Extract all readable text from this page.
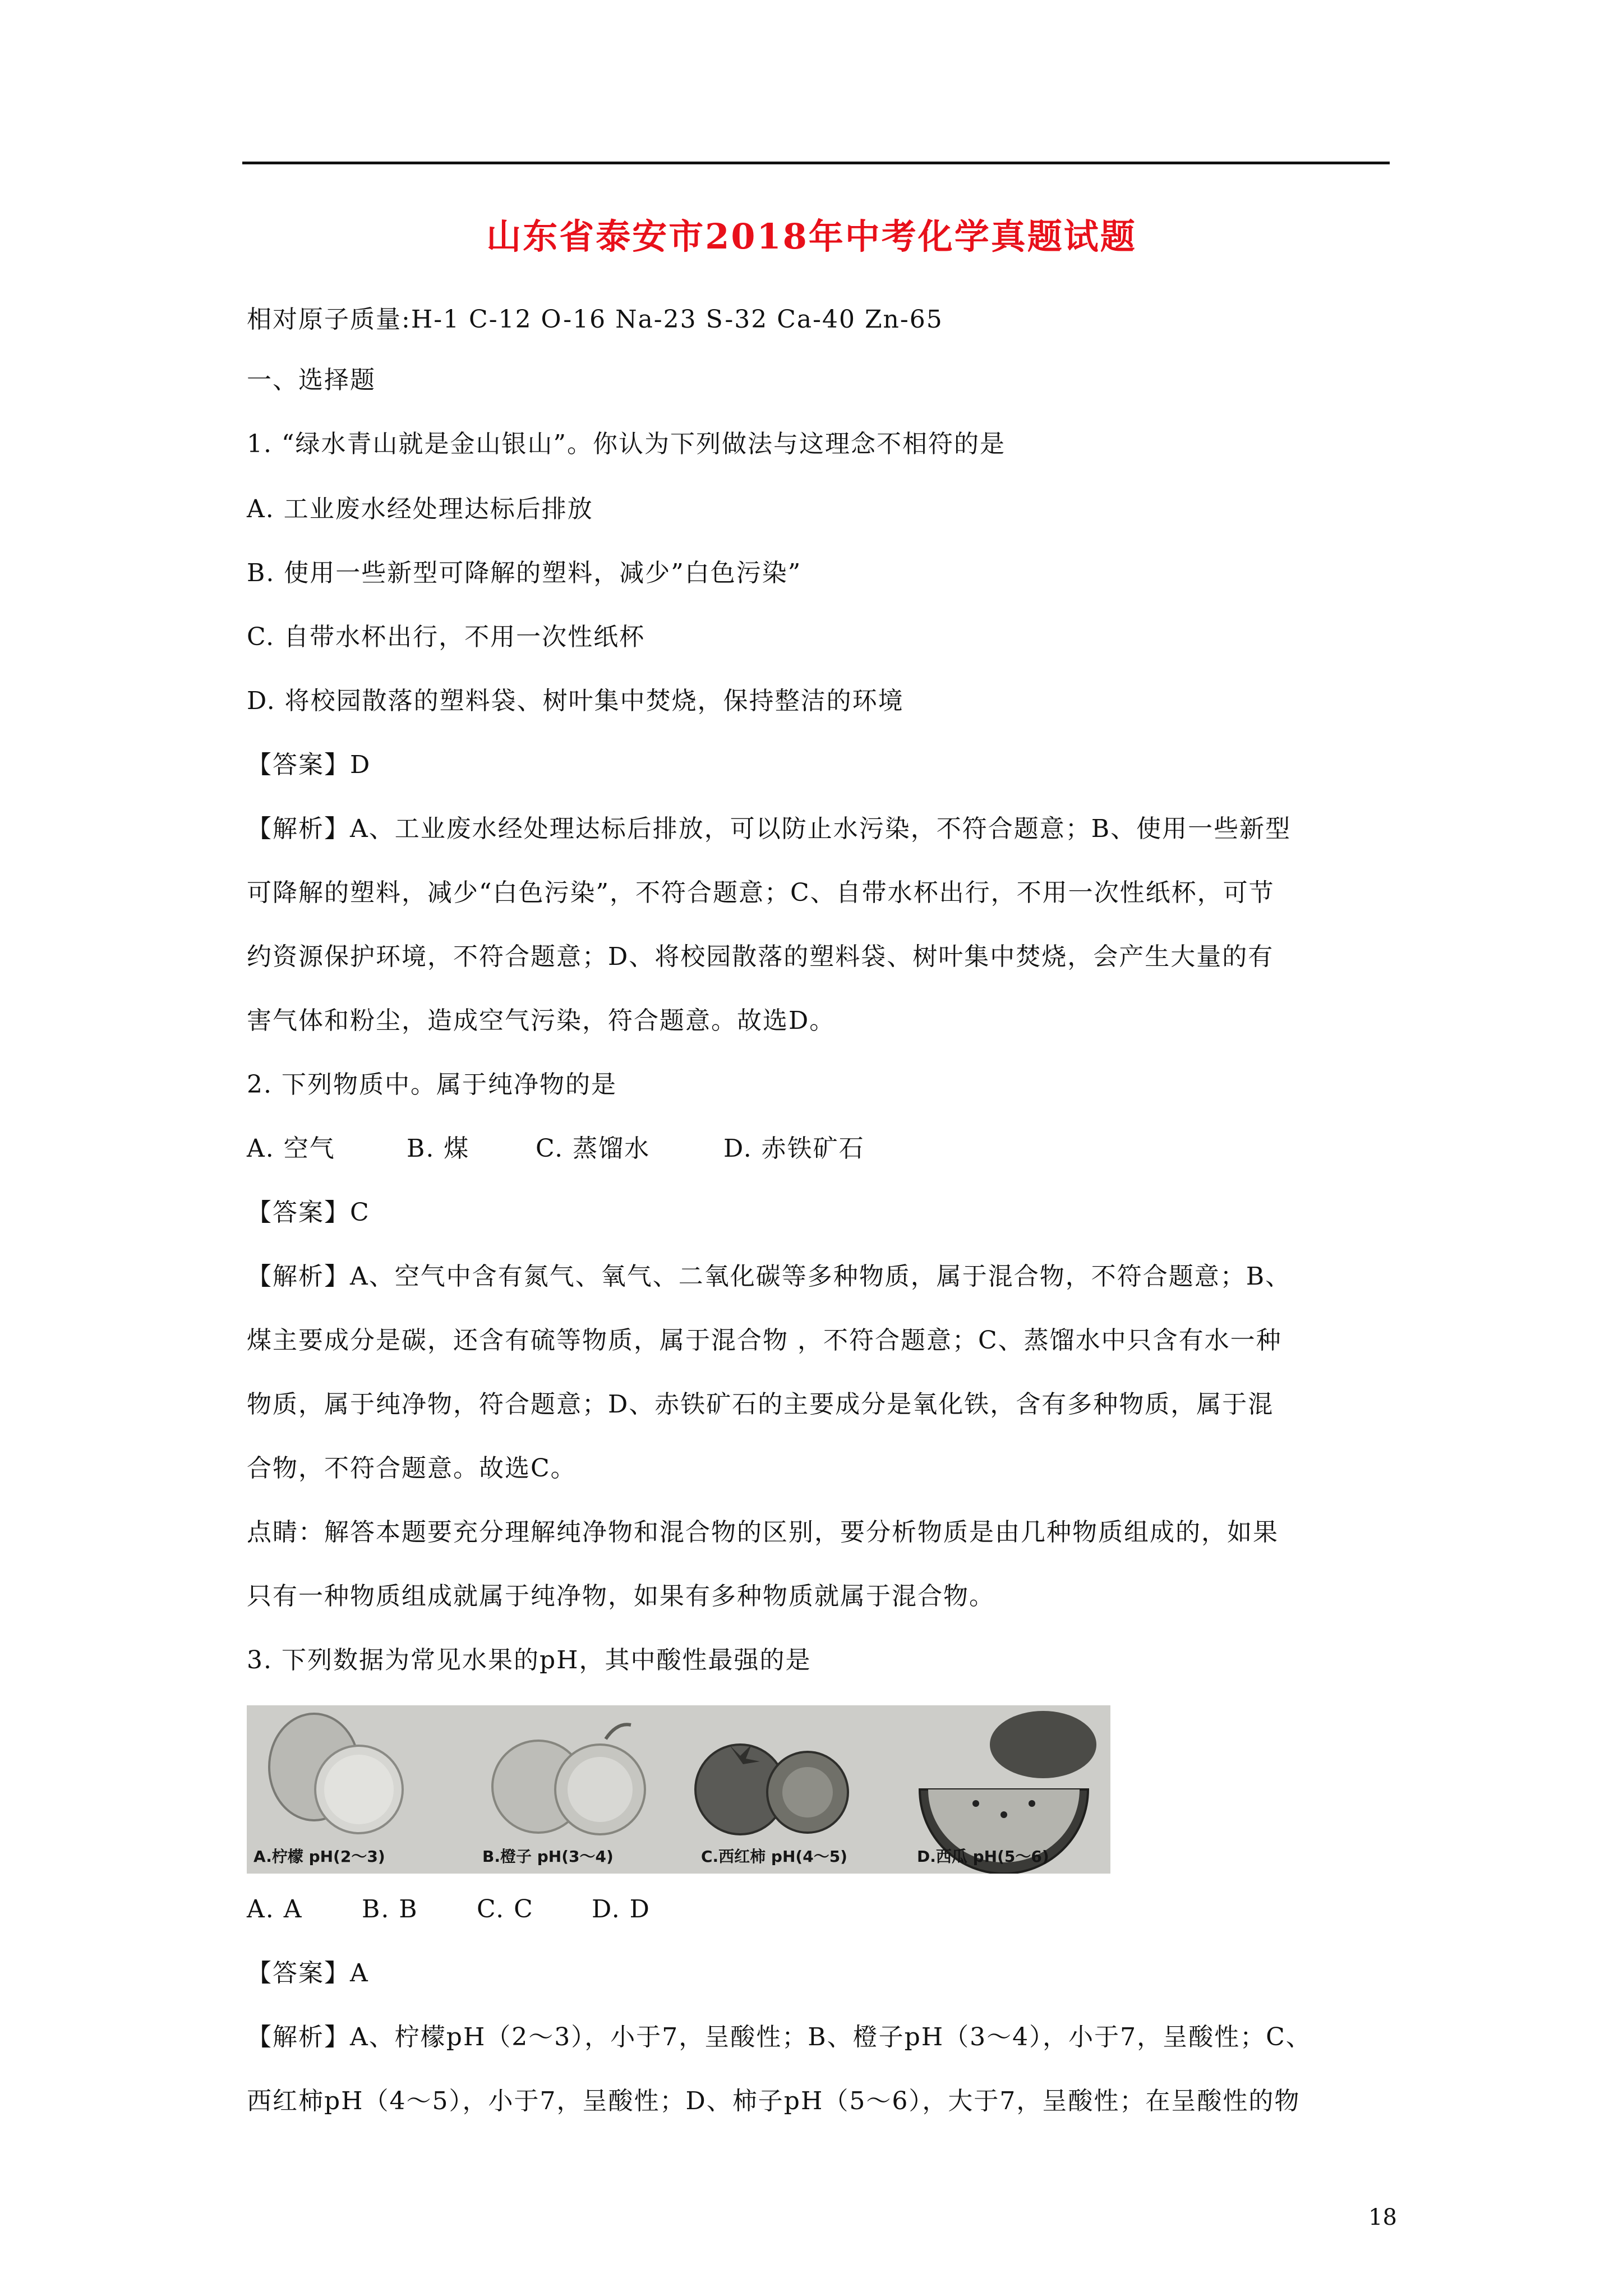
山东省泰安市2018年中考化学真题试题
相对原子质量:H-1 C-12 O-16 Na-23 S-32 Ca-40 Zn-65
一、选择题
1. “绿水青山就是金山银山”。你认为下列做法与这理念不相符的是
A. 工业废水经处理达标后排放
B. 使用一些新型可降解的塑料，减少”白色污染”
C. 自带水杯出行，不用一次性纸杯
D. 将校园散落的塑料袋、树叶集中焚烧，保持整洁的环境
【答案】D
【解析】A、工业废水经处理达标后排放，可以防止水污染，不符合题意；B、使用一些新型
可降解的塑料，减少“白色污染”，不符合题意；C、自带水杯出行，不用一次性纸杯，可节
约资源保护环境，不符合题意；D、将校园散落的塑料袋、树叶集中焚烧，会产生大量的有
害气体和粉尘，造成空气污染，符合题意。故选D。
2. 下列物质中。属于纯净物的是
A. 空气	B. 煤	C. 蒸馏水	D. 赤铁矿石
【答案】C
【解析】A、空气中含有氮气、氧气、二氧化碳等多种物质，属于混合物，不符合题意；B、
煤主要成分是碳，还含有硫等物质，属于混合物 ，不符合题意；C、蒸馏水中只含有水一种
物质，属于纯净物，符合题意；D、赤铁矿石的主要成分是氧化铁，含有多种物质，属于混
合物，不符合题意。故选C。
点睛：解答本题要充分理解纯净物和混合物的区别，要分析物质是由几种物质组成的，如果
只有一种物质组成就属于纯净物，如果有多种物质就属于混合物。
3. 下列数据为常见水果的pH，其中酸性最强的是
A.柠檬 pH(2～3)	B.橙子 pH(3～4)	C.西红柿 pH(4～5)	D.西瓜 pH(5～6)
A. A B. B C. C D. D
【答案】A
【解析】A、柠檬pH（2～3），小于7，呈酸性；B、橙子pH（3～4），小于7，呈酸性；C、
西红柿pH（4～5），小于7，呈酸性；D、柿子pH（5～6），大于7，呈酸性；在呈酸性的物
18
